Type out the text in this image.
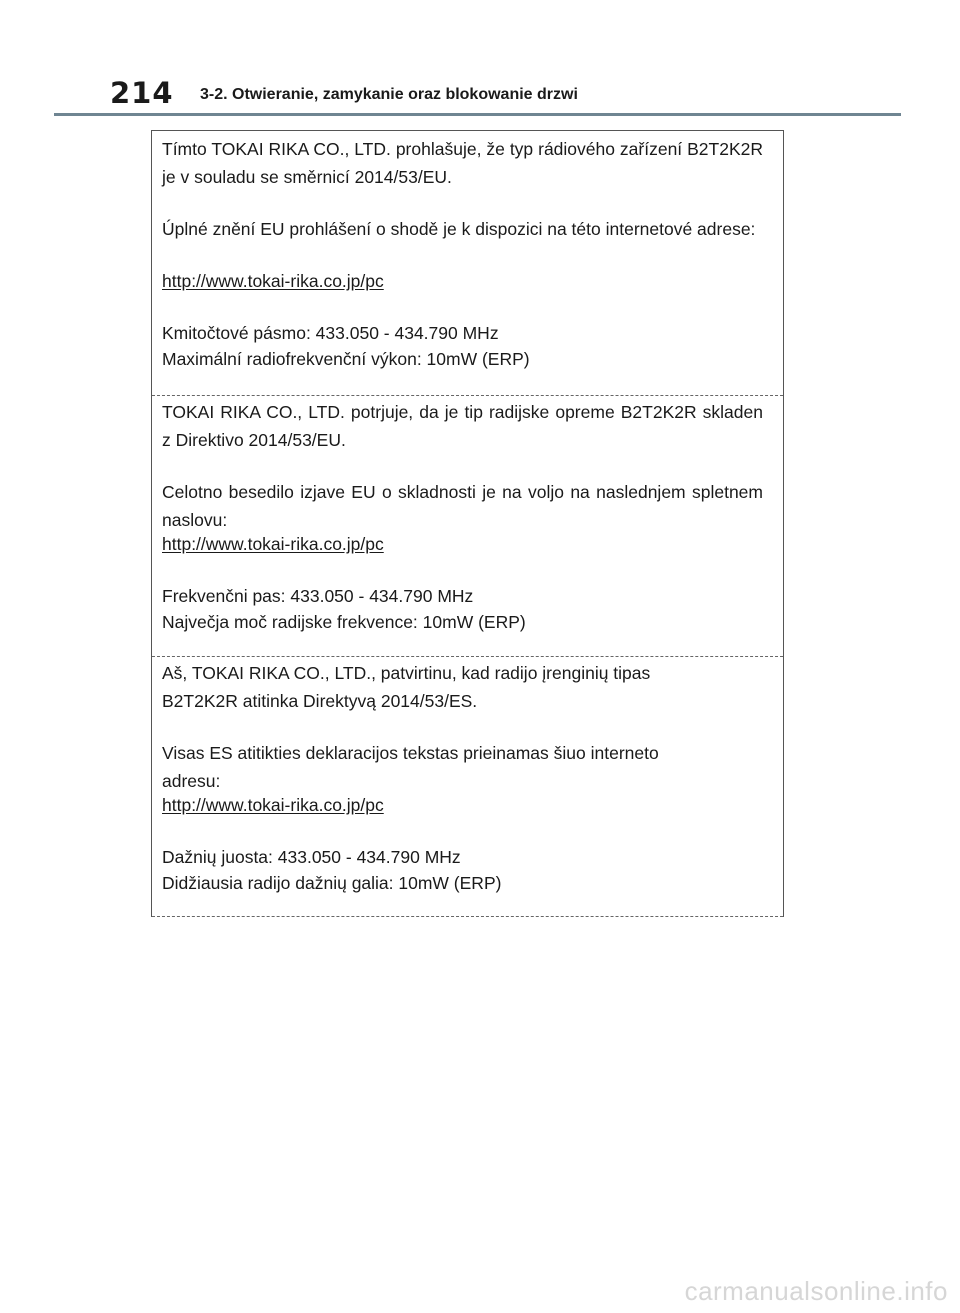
214 3-2. Otwieranie, zamykanie oraz blokowanie drzwi
Tímto TOKAI RIKA CO., LTD. prohlašuje, že typ rádiového zařízení B2T2K2R je v souladu se směrnicí 2014/53/EU.
Úplné znění EU prohlášení o shodě je k dispozici na této internetové adrese:
http://www.tokai-rika.co.jp/pc
Kmitočtové pásmo: 433.050 - 434.790 MHz
Maximální radiofrekvenční výkon: 10mW (ERP)
TOKAI RIKA CO., LTD. potrjuje, da je tip radijske opreme B2T2K2R skladen z Direktivo 2014/53/EU.
Celotno besedilo izjave EU o skladnosti je na voljo na naslednjem spletnem naslovu:
http://www.tokai-rika.co.jp/pc
Frekvenčni pas: 433.050 - 434.790 MHz
Največja moč radijske frekvence: 10mW (ERP)
Aš, TOKAI RIKA CO., LTD., patvirtinu, kad radijo įrenginių tipas B2T2K2R atitinka Direktyvą 2014/53/ES.
Visas ES atitikties deklaracijos tekstas prieinamas šiuo interneto adresu:
http://www.tokai-rika.co.jp/pc
Dažnių juosta: 433.050 - 434.790 MHz
Didžiausia radijo dažnių galia: 10mW (ERP)
carmanualsonline.info
